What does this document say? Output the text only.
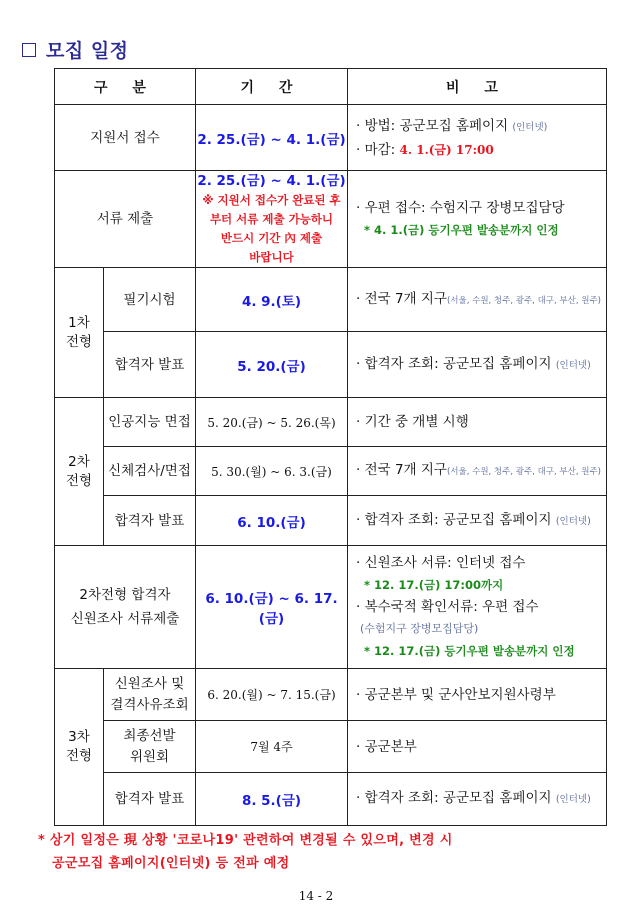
모집 일정
구 분		기 간	비 고
지원서 접수		2. 25.(금) ~ 4. 1.(금)	· 방법: 공군모집 홈페이지 (인터넷)
· 마감: 4. 1.(금) 17:00

서류 제출		2. 25.(금) ~ 4. 1.(금)
※ 지원서 접수가 완료된 후
부터 서류 제출 가능하니
반드시 기간 內 제출
바랍니다	· 우편 접수: 수험지구 장병모집담당
* 4. 1.(금) 등기우편 발송분까지 인정

1차
전형	필기시험	4. 9.(토)	· 전국 7개 지구(서울, 수원, 청주, 광주, 대구, 부산, 원주)
	합격자 발표	5. 20.(금)	· 합격자 조회: 공군모집 홈페이지 (인터넷)

2차
전형	인공지능 면접	5. 20.(금) ~ 5. 26.(목)	· 기간 중 개별 시행
	신체검사/면접	5. 30.(월) ~ 6. 3.(금)	· 전국 7개 지구(서울, 수원, 청주, 광주, 대구, 부산, 원주)
	합격자 발표	6. 10.(금)	· 합격자 조회: 공군모집 홈페이지 (인터넷)

2차전형 합격자
신원조사 서류제출		6. 10.(금) ~ 6. 17.(금)	· 신원조사 서류: 인터넷 접수
* 12. 17.(금) 17:00까지
· 복수국적 확인서류: 우편 접수
(수험지구 장병모집담당)
* 12. 17.(금) 등기우편 발송분까지 인정

3차
전형	신원조사 및
결격사유조회	6. 20.(월) ~ 7. 15.(금)	· 공군본부 및 군사안보지원사령부

	최종선발
위원회	7월 4주	· 공군본부
	합격자 발표	8. 5.(금)	· 합격자 조회: 공군모집 홈페이지 (인터넷)
* 상기 일정은 現 상황 '코로나19' 관련하여 변경될 수 있으며, 변경 시
공군모집 홈페이지(인터넷) 등 전파 예정
14 - 2
